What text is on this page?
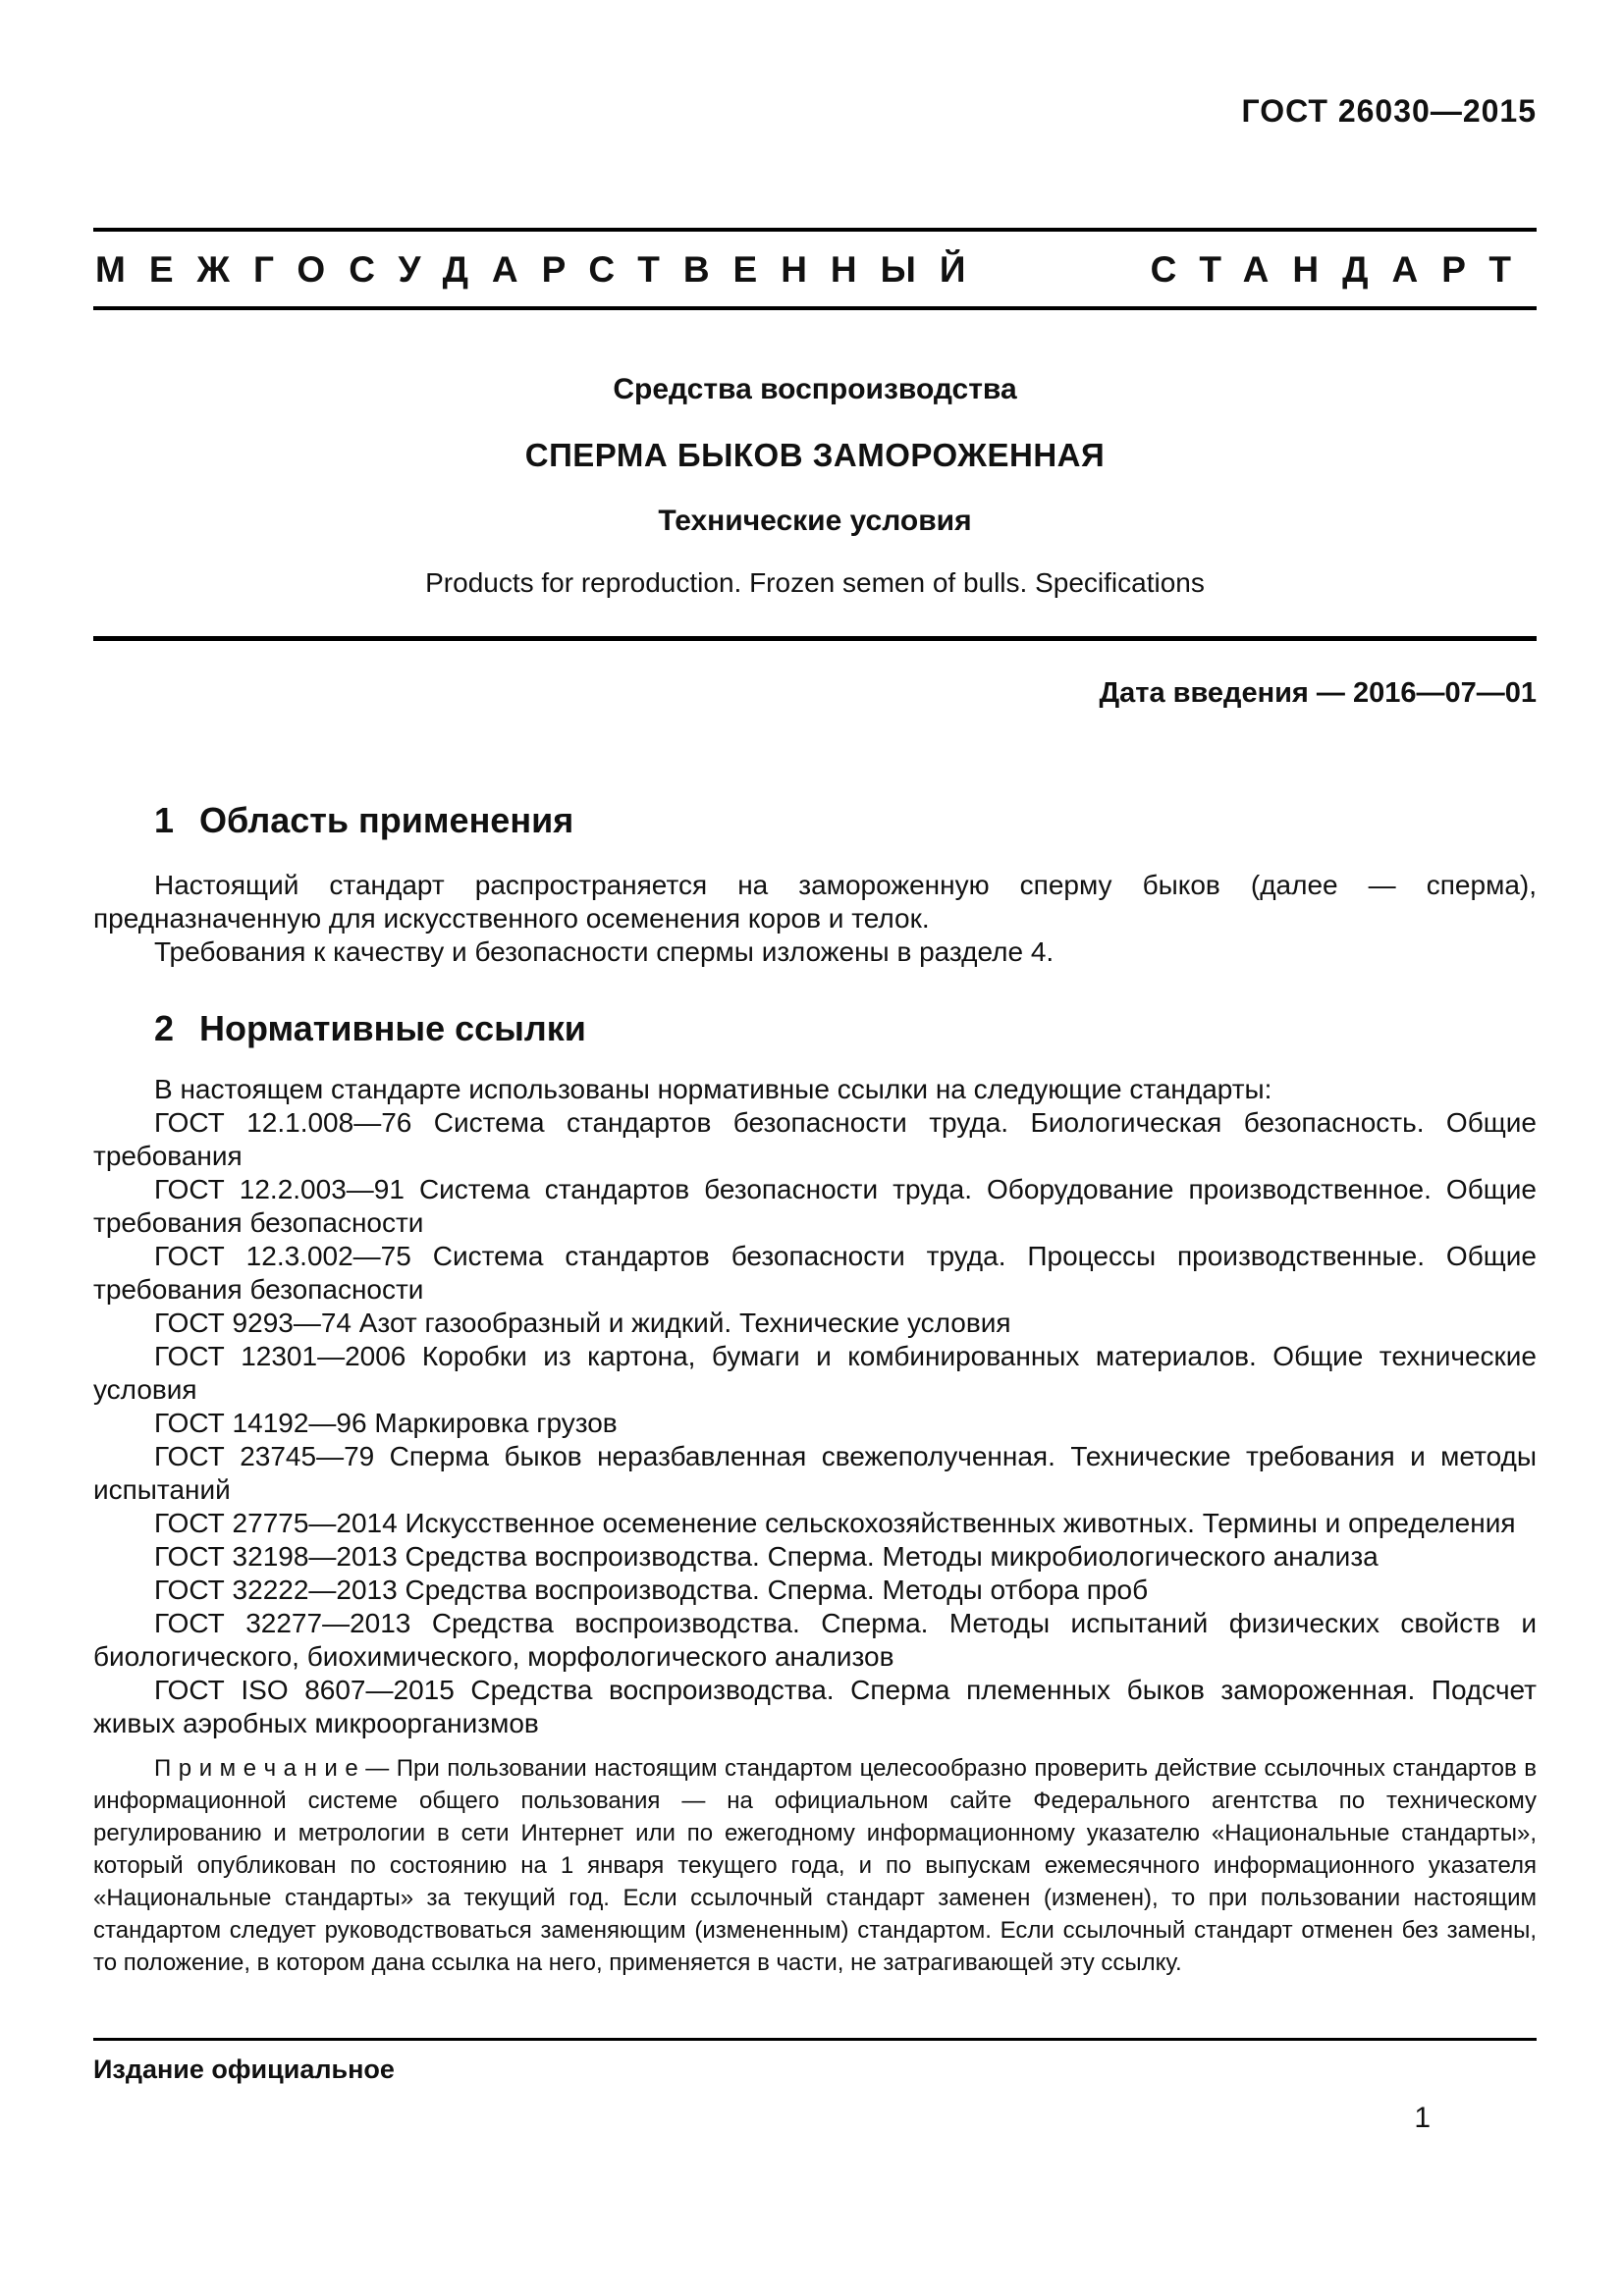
ГОСТ 26030—2015
МЕЖГОСУДАРСТВЕННЫЙ СТАНДАРТ
Средства воспроизводства
СПЕРМА БЫКОВ ЗАМОРОЖЕННАЯ
Технические условия
Products for reproduction. Frozen semen of bulls. Specifications
Дата введения — 2016—07—01
1 Область применения

Настоящий стандарт распространяется на замороженную сперму быков (далее — сперма), предназначенную для искусственного осеменения коров и телок.

Требования к качеству и безопасности спермы изложены в разделе 4.

2 Нормативные ссылки

В настоящем стандарте использованы нормативные ссылки на следующие стандарты:

ГОСТ 12.1.008—76 Система стандартов безопасности труда. Биологическая безопасность. Общие требования

ГОСТ 12.2.003—91 Система стандартов безопасности труда. Оборудование производственное. Общие требования безопасности

ГОСТ 12.3.002—75 Система стандартов безопасности труда. Процессы производственные. Общие требования безопасности

ГОСТ 9293—74 Азот газообразный и жидкий. Технические условия

ГОСТ 12301—2006 Коробки из картона, бумаги и комбинированных материалов. Общие технические условия

ГОСТ 14192—96 Маркировка грузов

ГОСТ 23745—79 Сперма быков неразбавленная свежеполученная. Технические требования и методы испытаний

ГОСТ 27775—2014 Искусственное осеменение сельскохозяйственных животных. Термины и определения

ГОСТ 32198—2013 Средства воспроизводства. Сперма. Методы микробиологического анализа

ГОСТ 32222—2013 Средства воспроизводства. Сперма. Методы отбора проб

ГОСТ 32277—2013 Средства воспроизводства. Сперма. Методы испытаний физических свойств и биологического, биохимического, морфологического анализов

ГОСТ ISO 8607—2015 Средства воспроизводства. Сперма племенных быков замороженная. Подсчет живых аэробных микроорганизмов

П р и м е ч а н и е — При пользовании настоящим стандартом целесообразно проверить действие ссылочных стандартов в информационной системе общего пользования — на официальном сайте Федерального агентства по техническому регулированию и метрологии в сети Интернет или по ежегодному информационному указателю «Национальные стандарты», который опубликован по состоянию на 1 января текущего года, и по выпускам ежемесячного информационного указателя «Национальные стандарты» за текущий год. Если ссылочный стандарт заменен (изменен), то при пользовании настоящим стандартом следует руководствоваться заменяющим (измененным) стандартом. Если ссылочный стандарт отменен без замены, то положение, в котором дана ссылка на него, применяется в части, не затрагивающей эту ссылку.

Издание официальное
1
